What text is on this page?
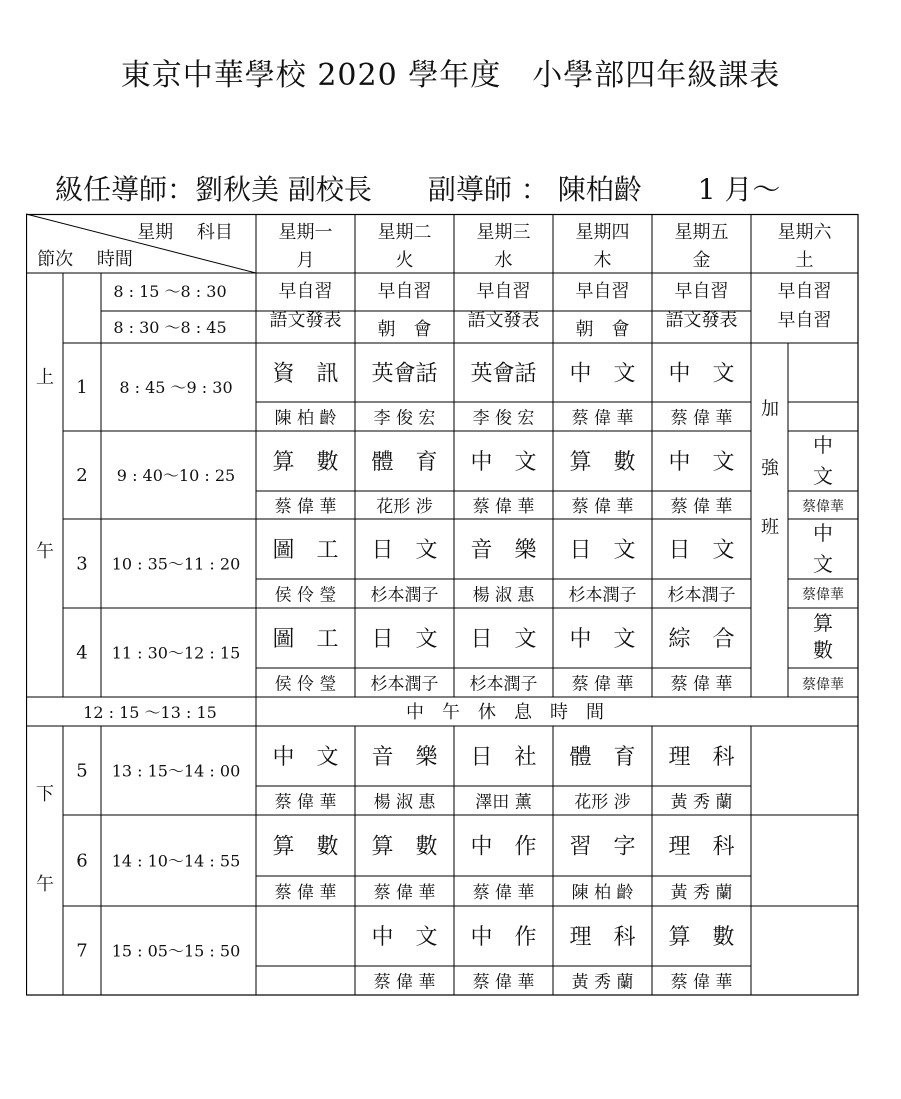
東京中華學校 2020 學年度　小學部四年級課表
級任導師：劉秋美 副校長　　副導師 ： 陳柏齡　　1 月～
星期　 科目
節次　 時間
星期一
月
星期二
火
星期三
水
星期四
木
星期五
金
星期六
土
上
午
下
午
8 : 15 ～8 : 30
8 : 30 ～8 : 45
早自習
語文發表
早自習
朝　會
早自習
語文發表
早自習
朝　會
早自習
語文發表
早自習
早自習
1 8 : 45 ～9 : 30
資　訊
陳 柏 齡
英會話
李 俊 宏
英會話
李 俊 宏
中　文
蔡 偉 華
中　文
蔡 偉 華
2 9 : 40～10 : 25
算　數
蔡 偉 華
體　育
花形 涉
中　文
蔡 偉 華
算　數
蔡 偉 華
中　文
蔡 偉 華
3 10 : 35～11 : 20
圖　工
侯 伶 瑩
日　文
杉本潤子
音　樂
楊 淑 惠
日　文
杉本潤子
日　文
杉本潤子
4 11 : 30～12 : 15
圖　工
侯 伶 瑩
日　文
杉本潤子
日　文
杉本潤子
中　文
蔡 偉 華
綜　合
蔡 偉 華
5 13 : 15～14 : 00
中　文
蔡 偉 華
音　樂
楊 淑 惠
日　社
澤田 薰
體　育
花形 涉
理　科
黃 秀 蘭
6 14 : 10～14 : 55
算　數
蔡 偉 華
算　數
蔡 偉 華
中　作
蔡 偉 華
習　字
陳 柏 齡
理　科
黃 秀 蘭
7 15 : 05～15 : 50
中　文
蔡 偉 華
中　作
蔡 偉 華
理　科
黃 秀 蘭
算　數
蔡 偉 華
加
強
班
中
文
蔡偉華
中
文
蔡偉華
算
數
蔡偉華
12 : 15 ～13 : 15	中　午　休　息　時　間
